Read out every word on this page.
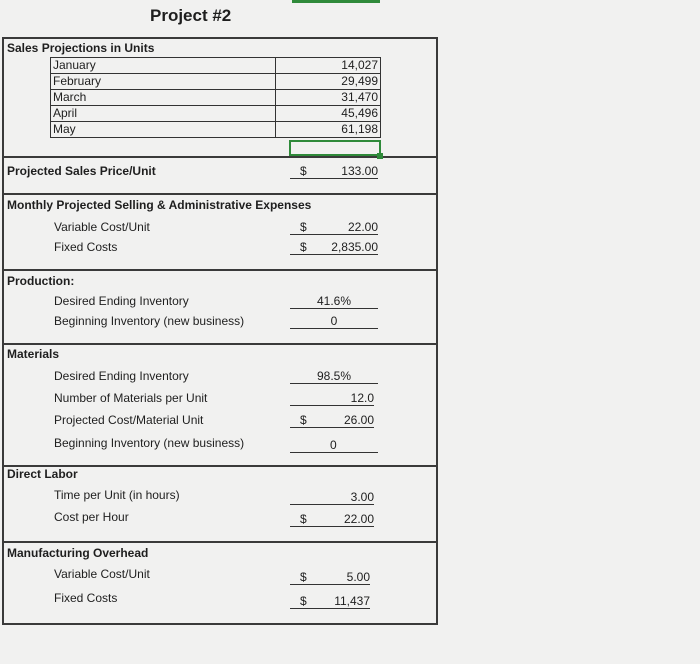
Project #2
Sales Projections in Units
January	14,027
February	29,499
March	31,470
April	45,496
May	61,198
Projected Sales Price/Unit	$	133.00
Monthly Projected Selling & Administrative Expenses
Variable Cost/Unit	$	22.00
Fixed Costs	$	2,835.00
Production:
Desired Ending Inventory	41.6%
Beginning Inventory (new business)	0
Materials
Desired Ending Inventory	98.5%
Number of Materials per Unit	12.0
Projected Cost/Material Unit	$	26.00
Beginning Inventory (new business)	0
Direct Labor
Time per Unit (in hours)	3.00
Cost per Hour	$	22.00
Manufacturing Overhead
Variable Cost/Unit	$	5.00
Fixed Costs	$	11,437
